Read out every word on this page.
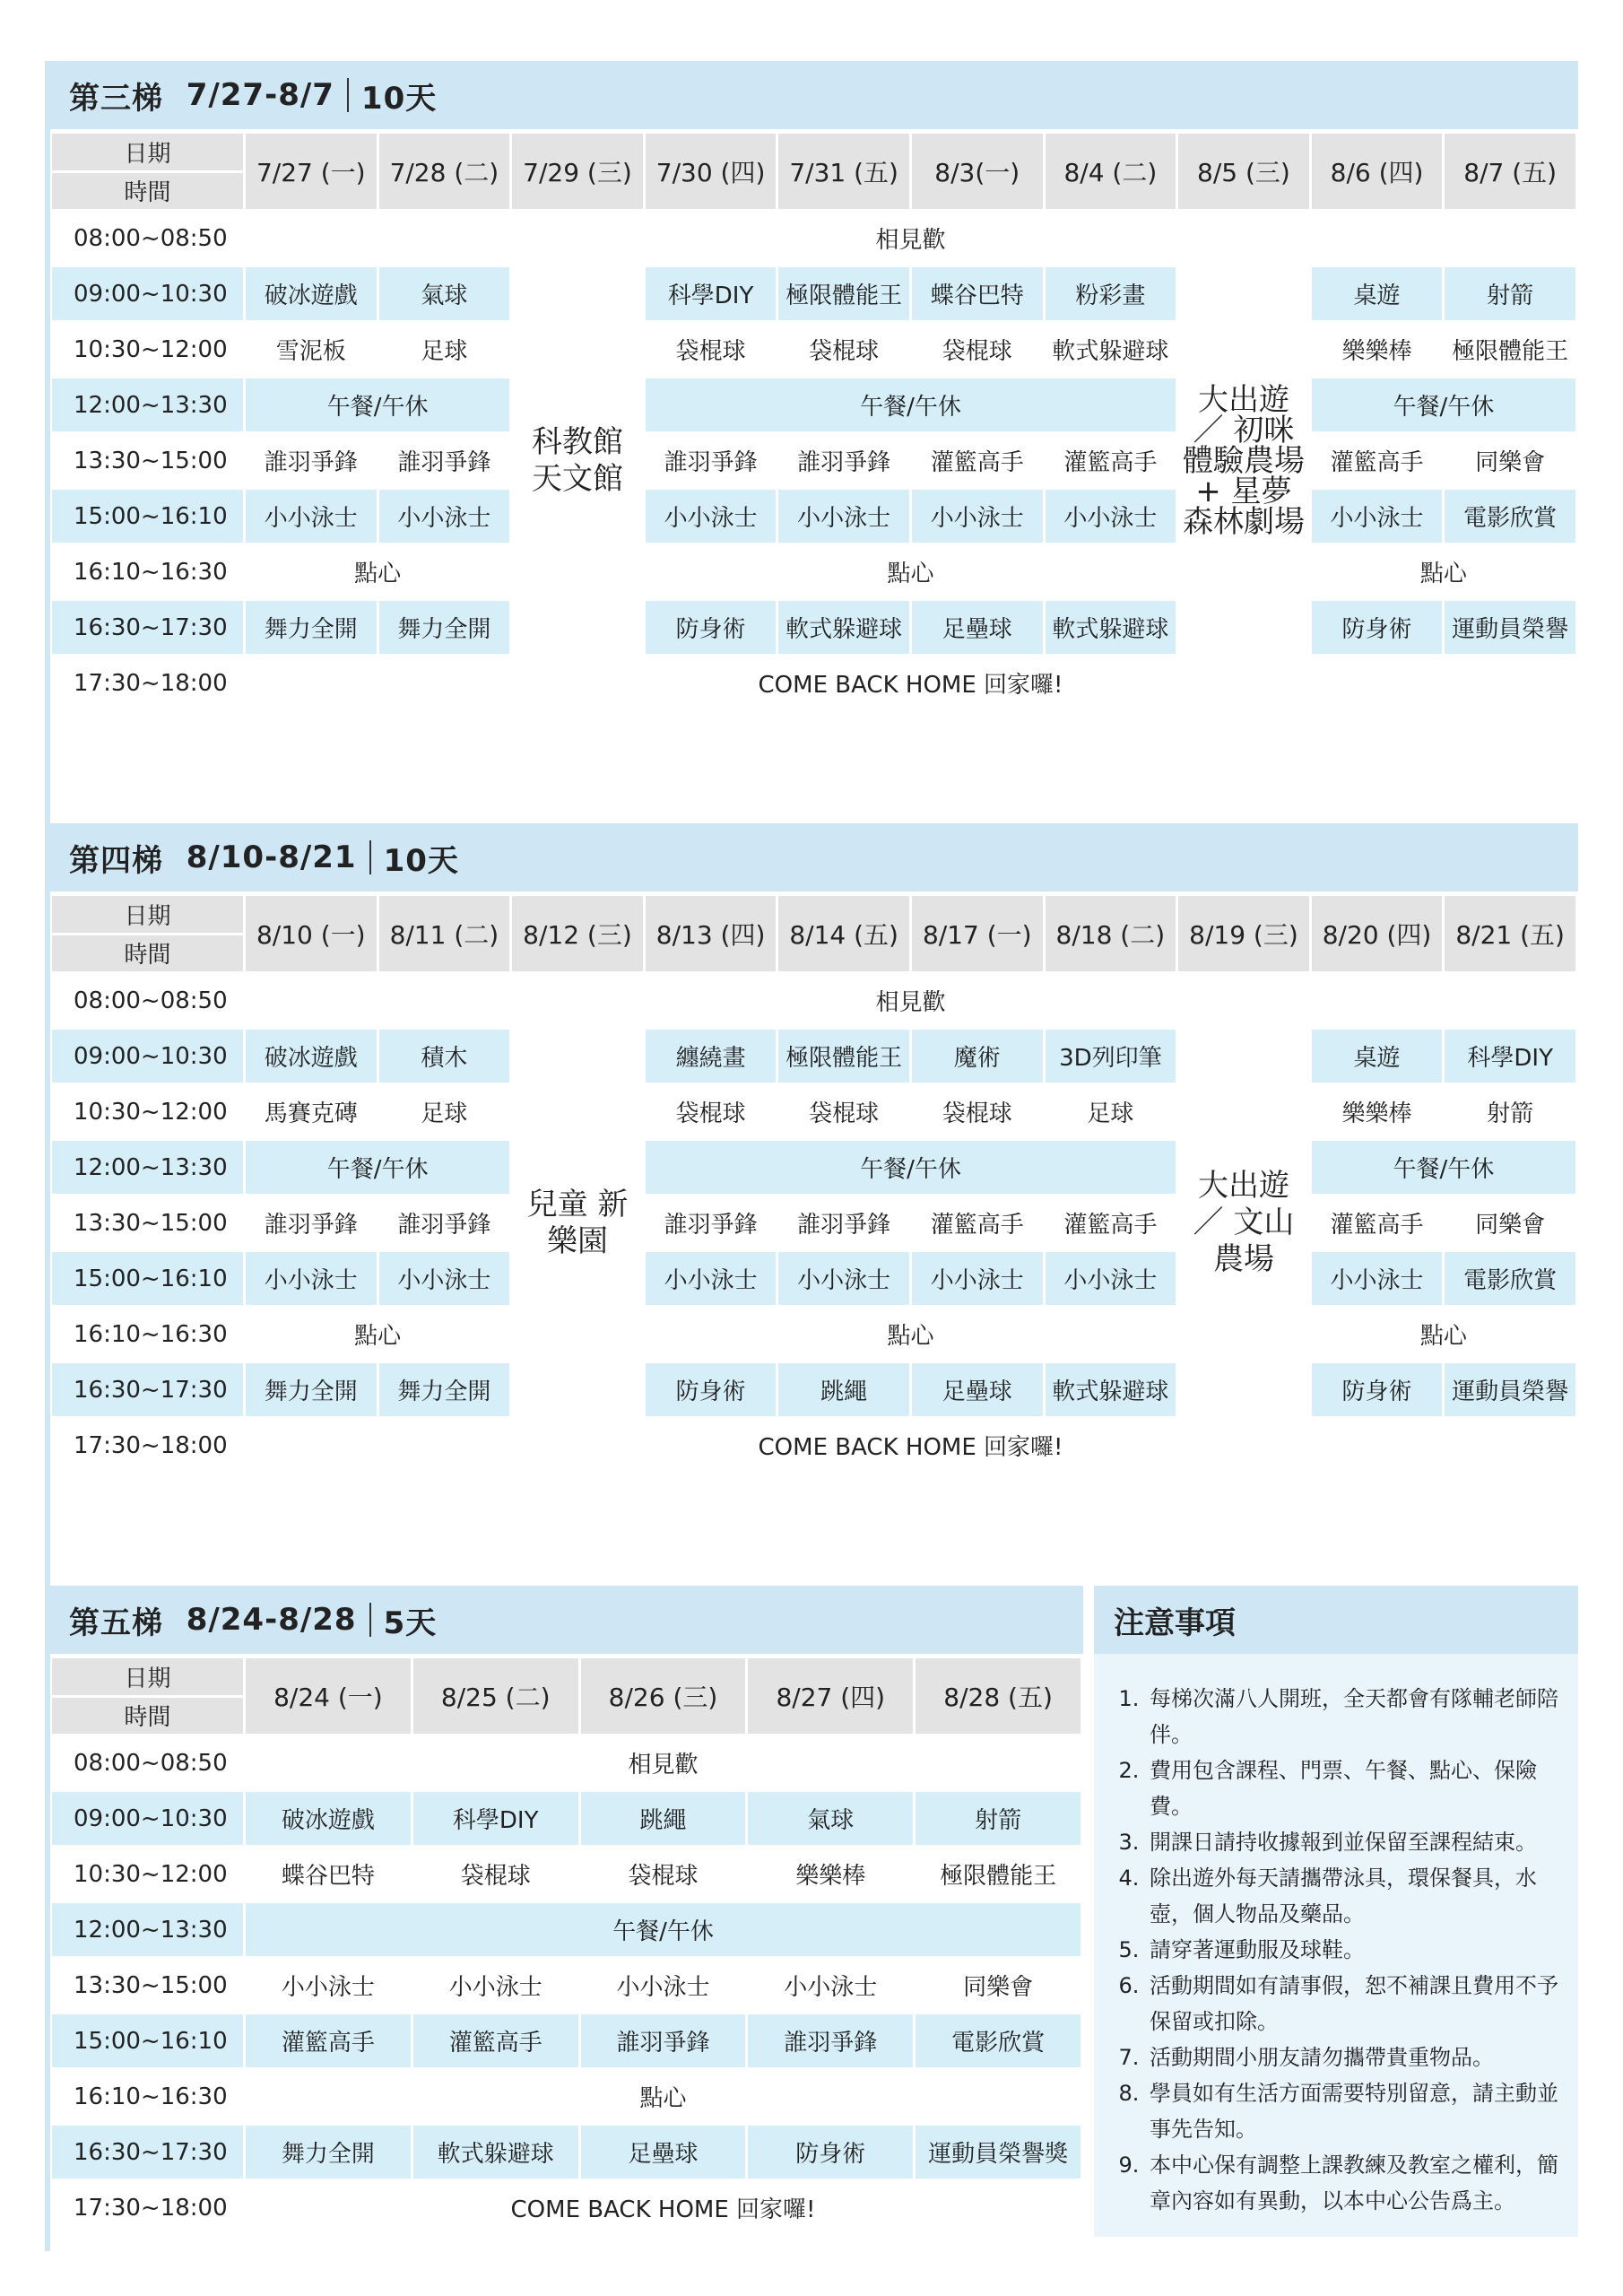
第三梯
7/27-8/7 10天
日期
時間	7/27 (一)	7/28 (二)	7/29 (三)	7/30 (四)	7/31 (五)	8/3(一)	8/4 (二)	8/5 (三)	8/6 (四)	8/7 (五)
08:00~08:50	相見歡									
09:00~10:30	破冰遊戲	氣球	科教館 天文館	科學DIY	極限體能王	蝶谷巴特	粉彩畫	大出遊 ／ 初咪 體驗農場 + 星夢 森林劇場	桌遊	射箭
10:30~12:00	雪泥板	足球		袋棍球	袋棍球	袋棍球	軟式躲避球		樂樂棒	極限體能王
12:00~13:30	午餐/午休			午餐/午休					午餐/午休	
13:30~15:00	誰羽爭鋒	誰羽爭鋒		誰羽爭鋒	誰羽爭鋒	灌籃高手	灌籃高手		灌籃高手	同樂會
15:00~16:10	小小泳士	小小泳士		小小泳士	小小泳士	小小泳士	小小泳士		小小泳士	電影欣賞
16:10~16:30	點心			點心					點心	
16:30~17:30	舞力全開	舞力全開		防身術	軟式躲避球	足壘球	軟式躲避球		防身術	運動員榮譽
17:30~18:00	COME BACK HOME 回家囉!									
第四梯
8/10-8/21 10天
日期
時間	8/10 (一)	8/11 (二)	8/12 (三)	8/13 (四)	8/14 (五)	8/17 (一)	8/18 (二)	8/19 (三)	8/20 (四)	8/21 (五)
08:00~08:50	相見歡									
09:00~10:30	破冰遊戲	積木	兒童 新樂園	纏繞畫	極限體能王	魔術	3D列印筆	大出遊 ／ 文山農場	桌遊	科學DIY
10:30~12:00	馬賽克磚	足球		袋棍球	袋棍球	袋棍球	足球		樂樂棒	射箭
12:00~13:30	午餐/午休			午餐/午休					午餐/午休	
13:30~15:00	誰羽爭鋒	誰羽爭鋒		誰羽爭鋒	誰羽爭鋒	灌籃高手	灌籃高手		灌籃高手	同樂會
15:00~16:10	小小泳士	小小泳士		小小泳士	小小泳士	小小泳士	小小泳士		小小泳士	電影欣賞
16:10~16:30	點心			點心					點心	
16:30~17:30	舞力全開	舞力全開		防身術	跳繩	足壘球	軟式躲避球		防身術	運動員榮譽
17:30~18:00	COME BACK HOME 回家囉!									
第五梯
8/24-8/28 5天
日期
時間	8/24 (一)	8/25 (二)	8/26 (三)	8/27 (四)	8/28 (五)
08:00~08:50	相見歡				
09:00~10:30	破冰遊戲	科學DIY	跳繩	氣球	射箭
10:30~12:00	蝶谷巴特	袋棍球	袋棍球	樂樂棒	極限體能王
12:00~13:30	午餐/午休				
13:30~15:00	小小泳士	小小泳士	小小泳士	小小泳士	同樂會
15:00~16:10	灌籃高手	灌籃高手	誰羽爭鋒	誰羽爭鋒	電影欣賞
16:10~16:30	點心				
16:30~17:30	舞力全開	軟式躲避球	足壘球	防身術	運動員榮譽獎
17:30~18:00	COME BACK HOME 回家囉!				
注意事項
1. 每梯次滿八人開班，全天都會有隊輔老師陪伴。
2. 費用包含課程、門票、午餐、點心、保險費。
3. 開課日請持收據報到並保留至課程結束。
4. 除出遊外每天請攜帶泳具，環保餐具，水壺，個人物品及藥品。
5. 請穿著運動服及球鞋。
6. 活動期間如有請事假，恕不補課且費用不予保留或扣除。
7. 活動期間小朋友請勿攜帶貴重物品。
8. 學員如有生活方面需要特別留意，請主動並事先告知。
9. 本中心保有調整上課教練及教室之權利，簡章內容如有異動，以本中心公告爲主。
